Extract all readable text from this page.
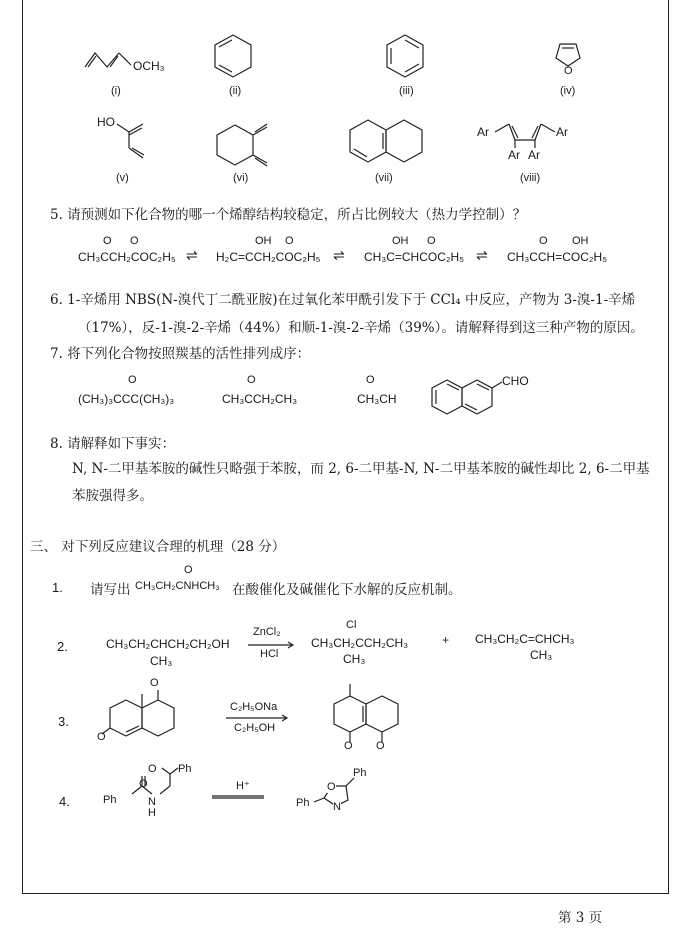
OCH₃	O
(i)	(ii)	(iii)	(iv)
HO
Ar	Ar
Ar Ar
(v)	(vi)	(vii)	(viii)
5. 请预测如下化合物的哪一个烯醇结构较稳定，所占比例较大（热力学控制）？
O O	OH O	OH O	O OH
CH₃CCH₂COC₂H₅ ⇌ H₂C=CCH₂COC₂H₅ ⇌ CH₃C=CHCOC₂H₅ ⇌ CH₃CCH=COC₂H₅
6. 1-辛烯用 NBS(N-溴代丁二酰亚胺)在过氧化苯甲酰引发下于 CCl₄ 中反应，产物为 3-溴-1-辛烯
（17%），反-1-溴-2-辛烯（44%）和顺-1-溴-2-辛烯（39%）。请解释得到这三种产物的原因。
7. 将下列化合物按照羰基的活性排列成序：
O	O	O
(CH₃)₃CCC(CH₃)₃	CH₃CCH₂CH₃	CH₃CH
CHO
8. 请解释如下事实：
N, N-二甲基苯胺的碱性只略强于苯胺，而 2, 6-二甲基-N, N-二甲基苯胺的碱性却比 2, 6-二甲基
苯胺强得多。
三、 对下列反应建议合理的机理（28 分）
1. 请写出
O
CH₃CH₂CNHCH₃ 在酸催化及碱催化下水解的反应机制。
2.	CH₃CH₂CHCH₂CH₂OH
CH₃
ZnCl₂
HCl
Cl
CH₃CH₂CCH₂CH₃
CH₃
+ CH₃CH₂C=CHCH₃
CH₃
3.
O
O
C₂H₅ONa
C₂H₅OH
O O
4.	Ph
O
N
H
O Ph
H⁺
Ph
Ph
O
N
第 3 页
